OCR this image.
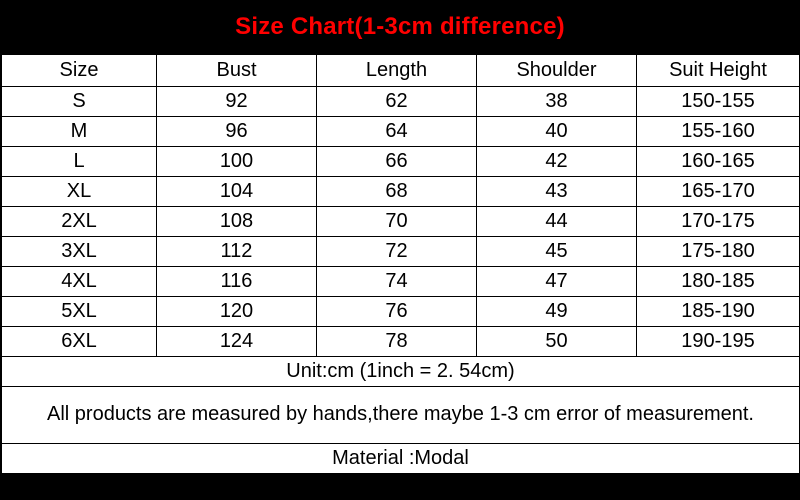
Size Chart(1-3cm difference)
Size	Bust	Length	Shoulder	Suit Height
S	92	62	38	150-155
M	96	64	40	155-160
L	100	66	42	160-165
XL	104	68	43	165-170
2XL	108	70	44	170-175
3XL	112	72	45	175-180
4XL	116	74	47	180-185
5XL	120	76	49	185-190
6XL	124	78	50	190-195
Unit:cm (1inch = 2. 54cm)				
All products are measured by hands,there maybe 1-3 cm error of measurement.				
Material :Modal				
